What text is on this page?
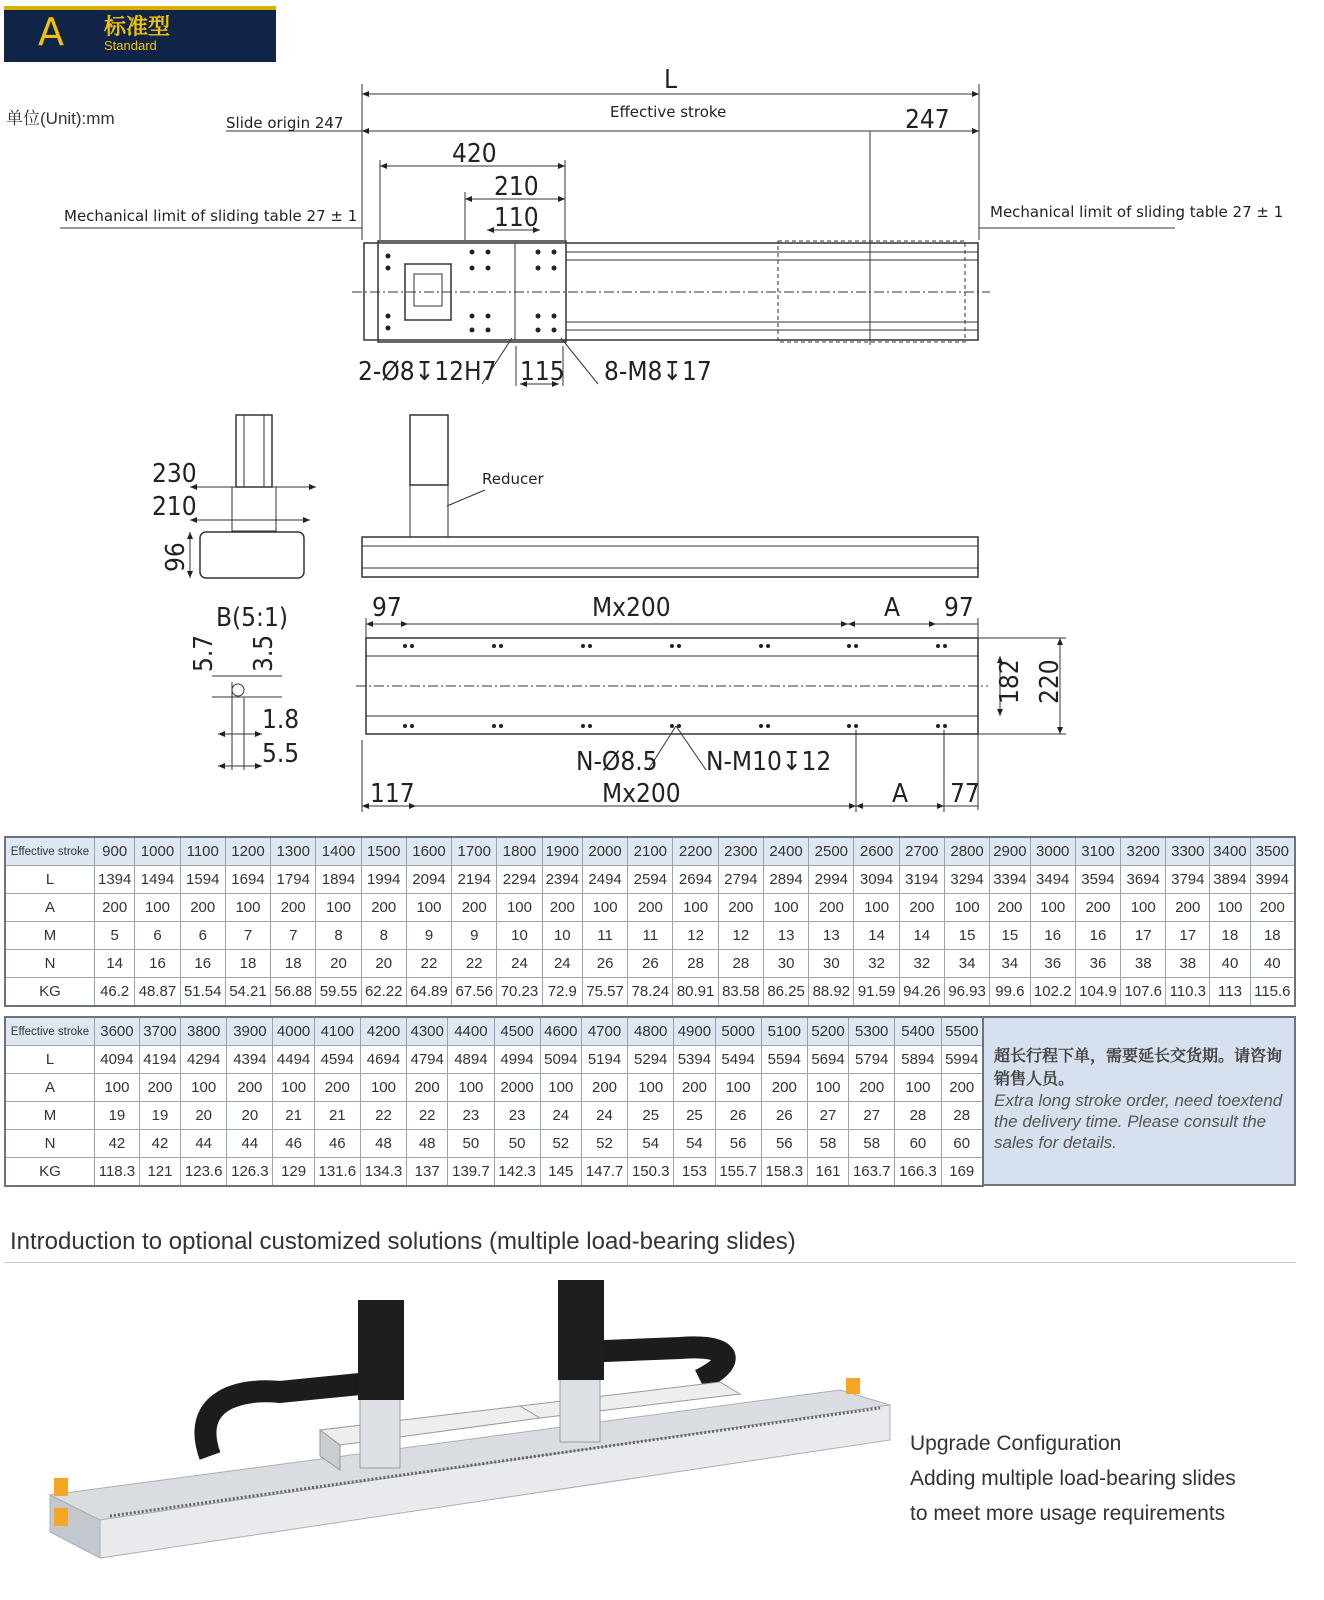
A 标准型
Standard
单位(Unit):mm
L
Effective stroke
Slide origin 247	247
420
210
110
Mechanical limit of sliding table 27 ± 1	Mechanical limit of sliding table 27 ± 1
2-Ø8↧12H7 115 8-M8↧17
230
210
96
Reducer
B(5:1)
5.7 3.5
1.8
5.5
97	Mx200	A 97
182 220
N-Ø8.5 N-M10↧12
117	Mx200	A 77
Effective stroke	900	1000	1100	1200	1300	1400	1500	1600	1700	1800	1900	2000	2100	2200	2300	2400	2500	2600	2700	2800	2900	3000	3100	3200	3300	3400	3500
L	1394	1494	1594	1694	1794	1894	1994	2094	2194	2294	2394	2494	2594	2694	2794	2894	2994	3094	3194	3294	3394	3494	3594	3694	3794	3894	3994
A	200	100	200	100	200	100	200	100	200	100	200	100	200	100	200	100	200	100	200	100	200	100	200	100	200	100	200
M	5	6	6	7	7	8	8	9	9	10	10	11	11	12	12	13	13	14	14	15	15	16	16	17	17	18	18
N	14	16	16	18	18	20	20	22	22	24	24	26	26	28	28	30	30	32	32	34	34	36	36	38	38	40	40
KG	46.2	48.87	51.54	54.21	56.88	59.55	62.22	64.89	67.56	70.23	72.9	75.57	78.24	80.91	83.58	86.25	88.92	91.59	94.26	96.93	99.6	102.2	104.9	107.6	110.3	113	115.6
Effective stroke	3600	3700	3800	3900	4000	4100	4200	4300	4400	4500	4600	4700	4800	4900	5000	5100	5200	5300	5400	5500
L	4094	4194	4294	4394	4494	4594	4694	4794	4894	4994	5094	5194	5294	5394	5494	5594	5694	5794	5894	5994
A	100	200	100	200	100	200	100	200	100	2000	100	200	100	200	100	200	100	200	100	200
M	19	19	20	20	21	21	22	22	23	23	24	24	25	25	26	26	27	27	28	28
N	42	42	44	44	46	46	48	48	50	50	52	52	54	54	56	56	58	58	60	60
KG	118.3	121	123.6	126.3	129	131.6	134.3	137	139.7	142.3	145	147.7	150.3	153	155.7	158.3	161	163.7	166.3	169
超长行程下单，需要延长交货期。请咨询销售人员。
Extra long stroke order, need toextend the delivery time. Please consult the sales for details.
Introduction to optional customized solutions (multiple load-bearing slides)
Upgrade Configuration
Adding multiple load-bearing slides
to meet more usage requirements
